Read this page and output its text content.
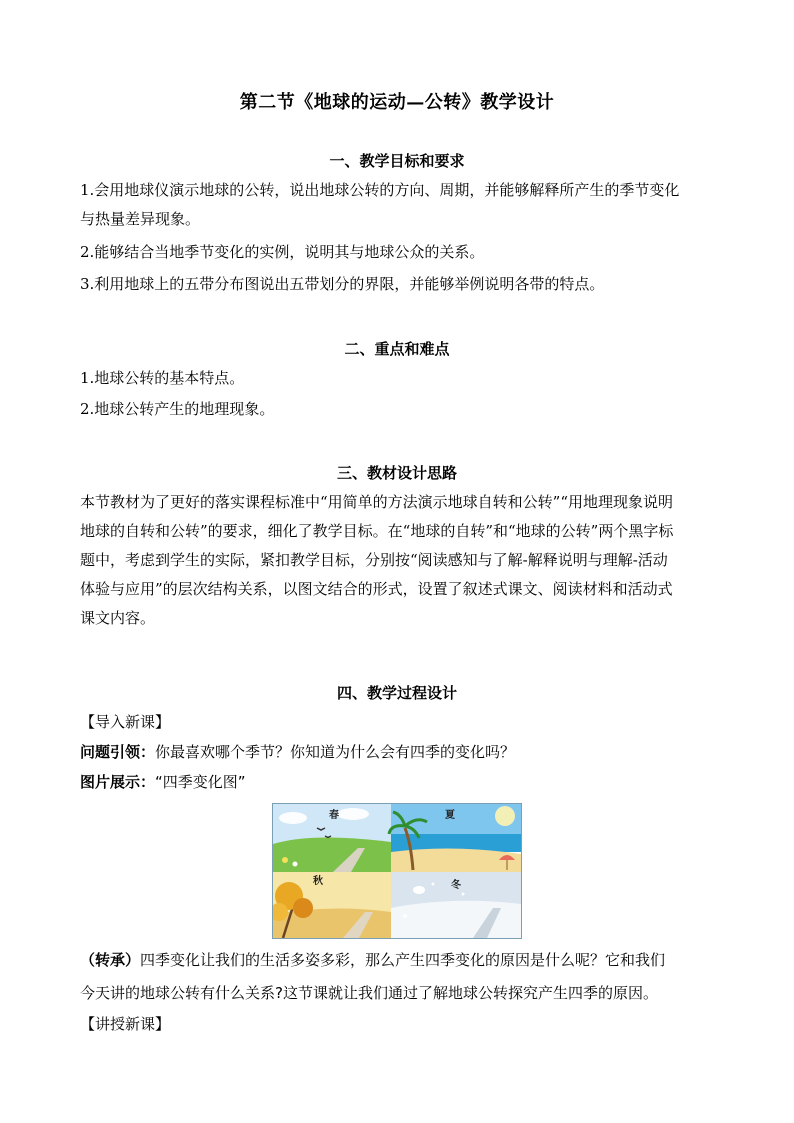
第二节《地球的运动—公转》教学设计
一、教学目标和要求
1.会用地球仪演示地球的公转，说出地球公转的方向、周期，并能够解释所产生的季节变化
与热量差异现象。
2.能够结合当地季节变化的实例，说明其与地球公众的关系。
3.利用地球上的五带分布图说出五带划分的界限，并能够举例说明各带的特点。
二、重点和难点
1.地球公转的基本特点。
2.地球公转产生的地理现象。
三、教材设计思路
本节教材为了更好的落实课程标准中“用简单的方法演示地球自转和公转”“用地理现象说明
地球的自转和公转”的要求，细化了教学目标。在“地球的自转”和“地球的公转”两个黑字标
题中，考虑到学生的实际，紧扣教学目标，分别按“阅读感知与了解-解释说明与理解-活动
体验与应用”的层次结构关系，以图文结合的形式，设置了叙述式课文、阅读材料和活动式
课文内容。
四、教学过程设计
【导入新课】
问题引领：你最喜欢哪个季节？你知道为什么会有四季的变化吗？
图片展示：“四季变化图”
春	夏
秋	冬
（转承）四季变化让我们的生活多姿多彩，那么产生四季变化的原因是什么呢？它和我们
今天讲的地球公转有什么关系?这节课就让我们通过了解地球公转探究产生四季的原因。
【讲授新课】
